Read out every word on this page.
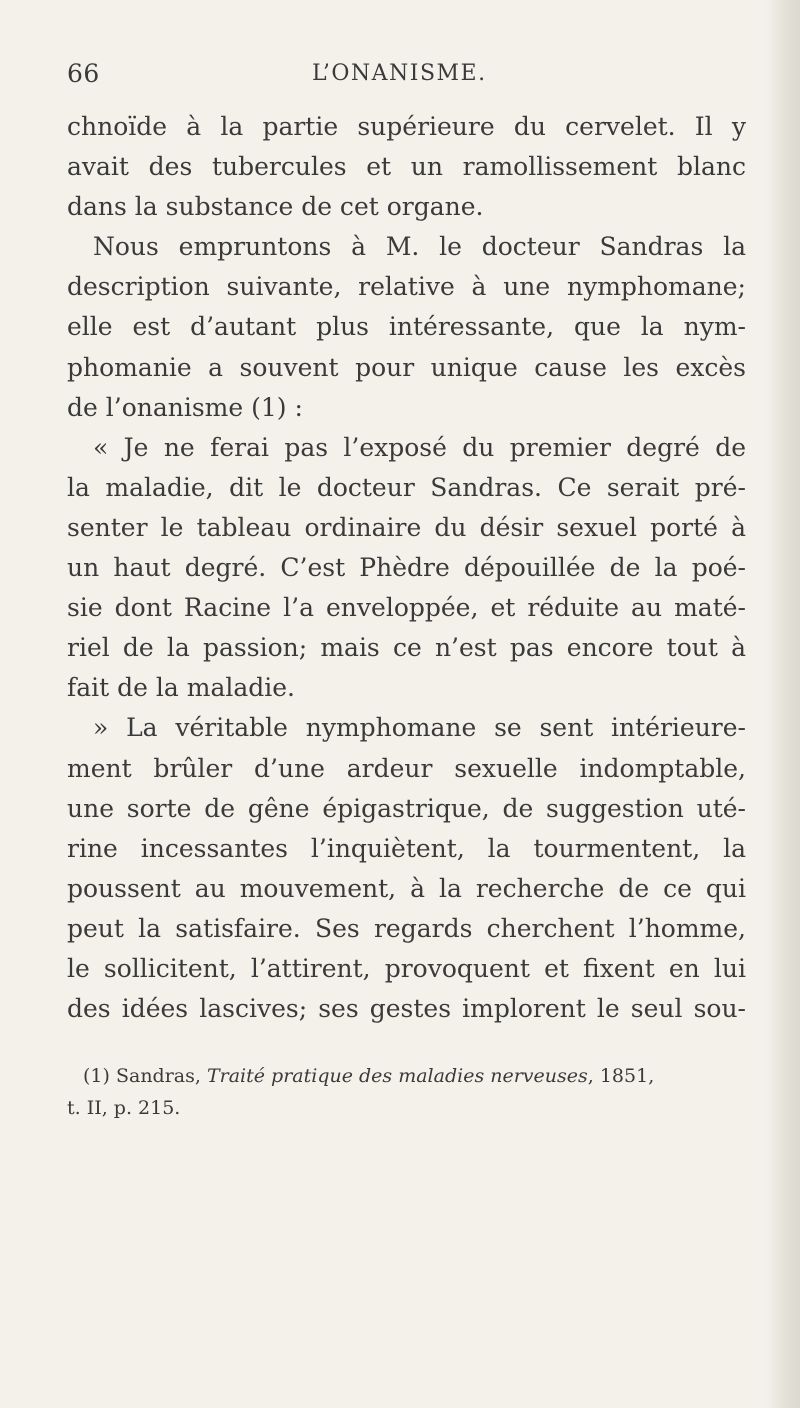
66	L’ONANISME.
chnoïde à la partie supérieure du cervelet. Il y
avait des tubercules et un ramollissement blanc
dans la substance de cet organe.
Nous empruntons à M. le docteur Sandras la
description suivante, relative à une nymphomane;
elle est d’autant plus intéressante, que la nym-
phomanie a souvent pour unique cause les excès
de l’onanisme (1) :
« Je ne ferai pas l’exposé du premier degré de
la maladie, dit le docteur Sandras. Ce serait pré-
senter le tableau ordinaire du désir sexuel porté à
un haut degré. C’est Phèdre dépouillée de la poé-
sie dont Racine l’a enveloppée, et réduite au maté-
riel de la passion; mais ce n’est pas encore tout à
fait de la maladie.
» La véritable nymphomane se sent intérieure-
ment brûler d’une ardeur sexuelle indomptable,
une sorte de gêne épigastrique, de suggestion uté-
rine incessantes l’inquiètent, la tourmentent, la
poussent au mouvement, à la recherche de ce qui
peut la satisfaire. Ses regards cherchent l’homme,
le sollicitent, l’attirent, provoquent et fixent en lui
des idées lascives; ses gestes implorent le seul sou-
(1) Sandras, Traité pratique des maladies nerveuses, 1851,
t. II, p. 215.
